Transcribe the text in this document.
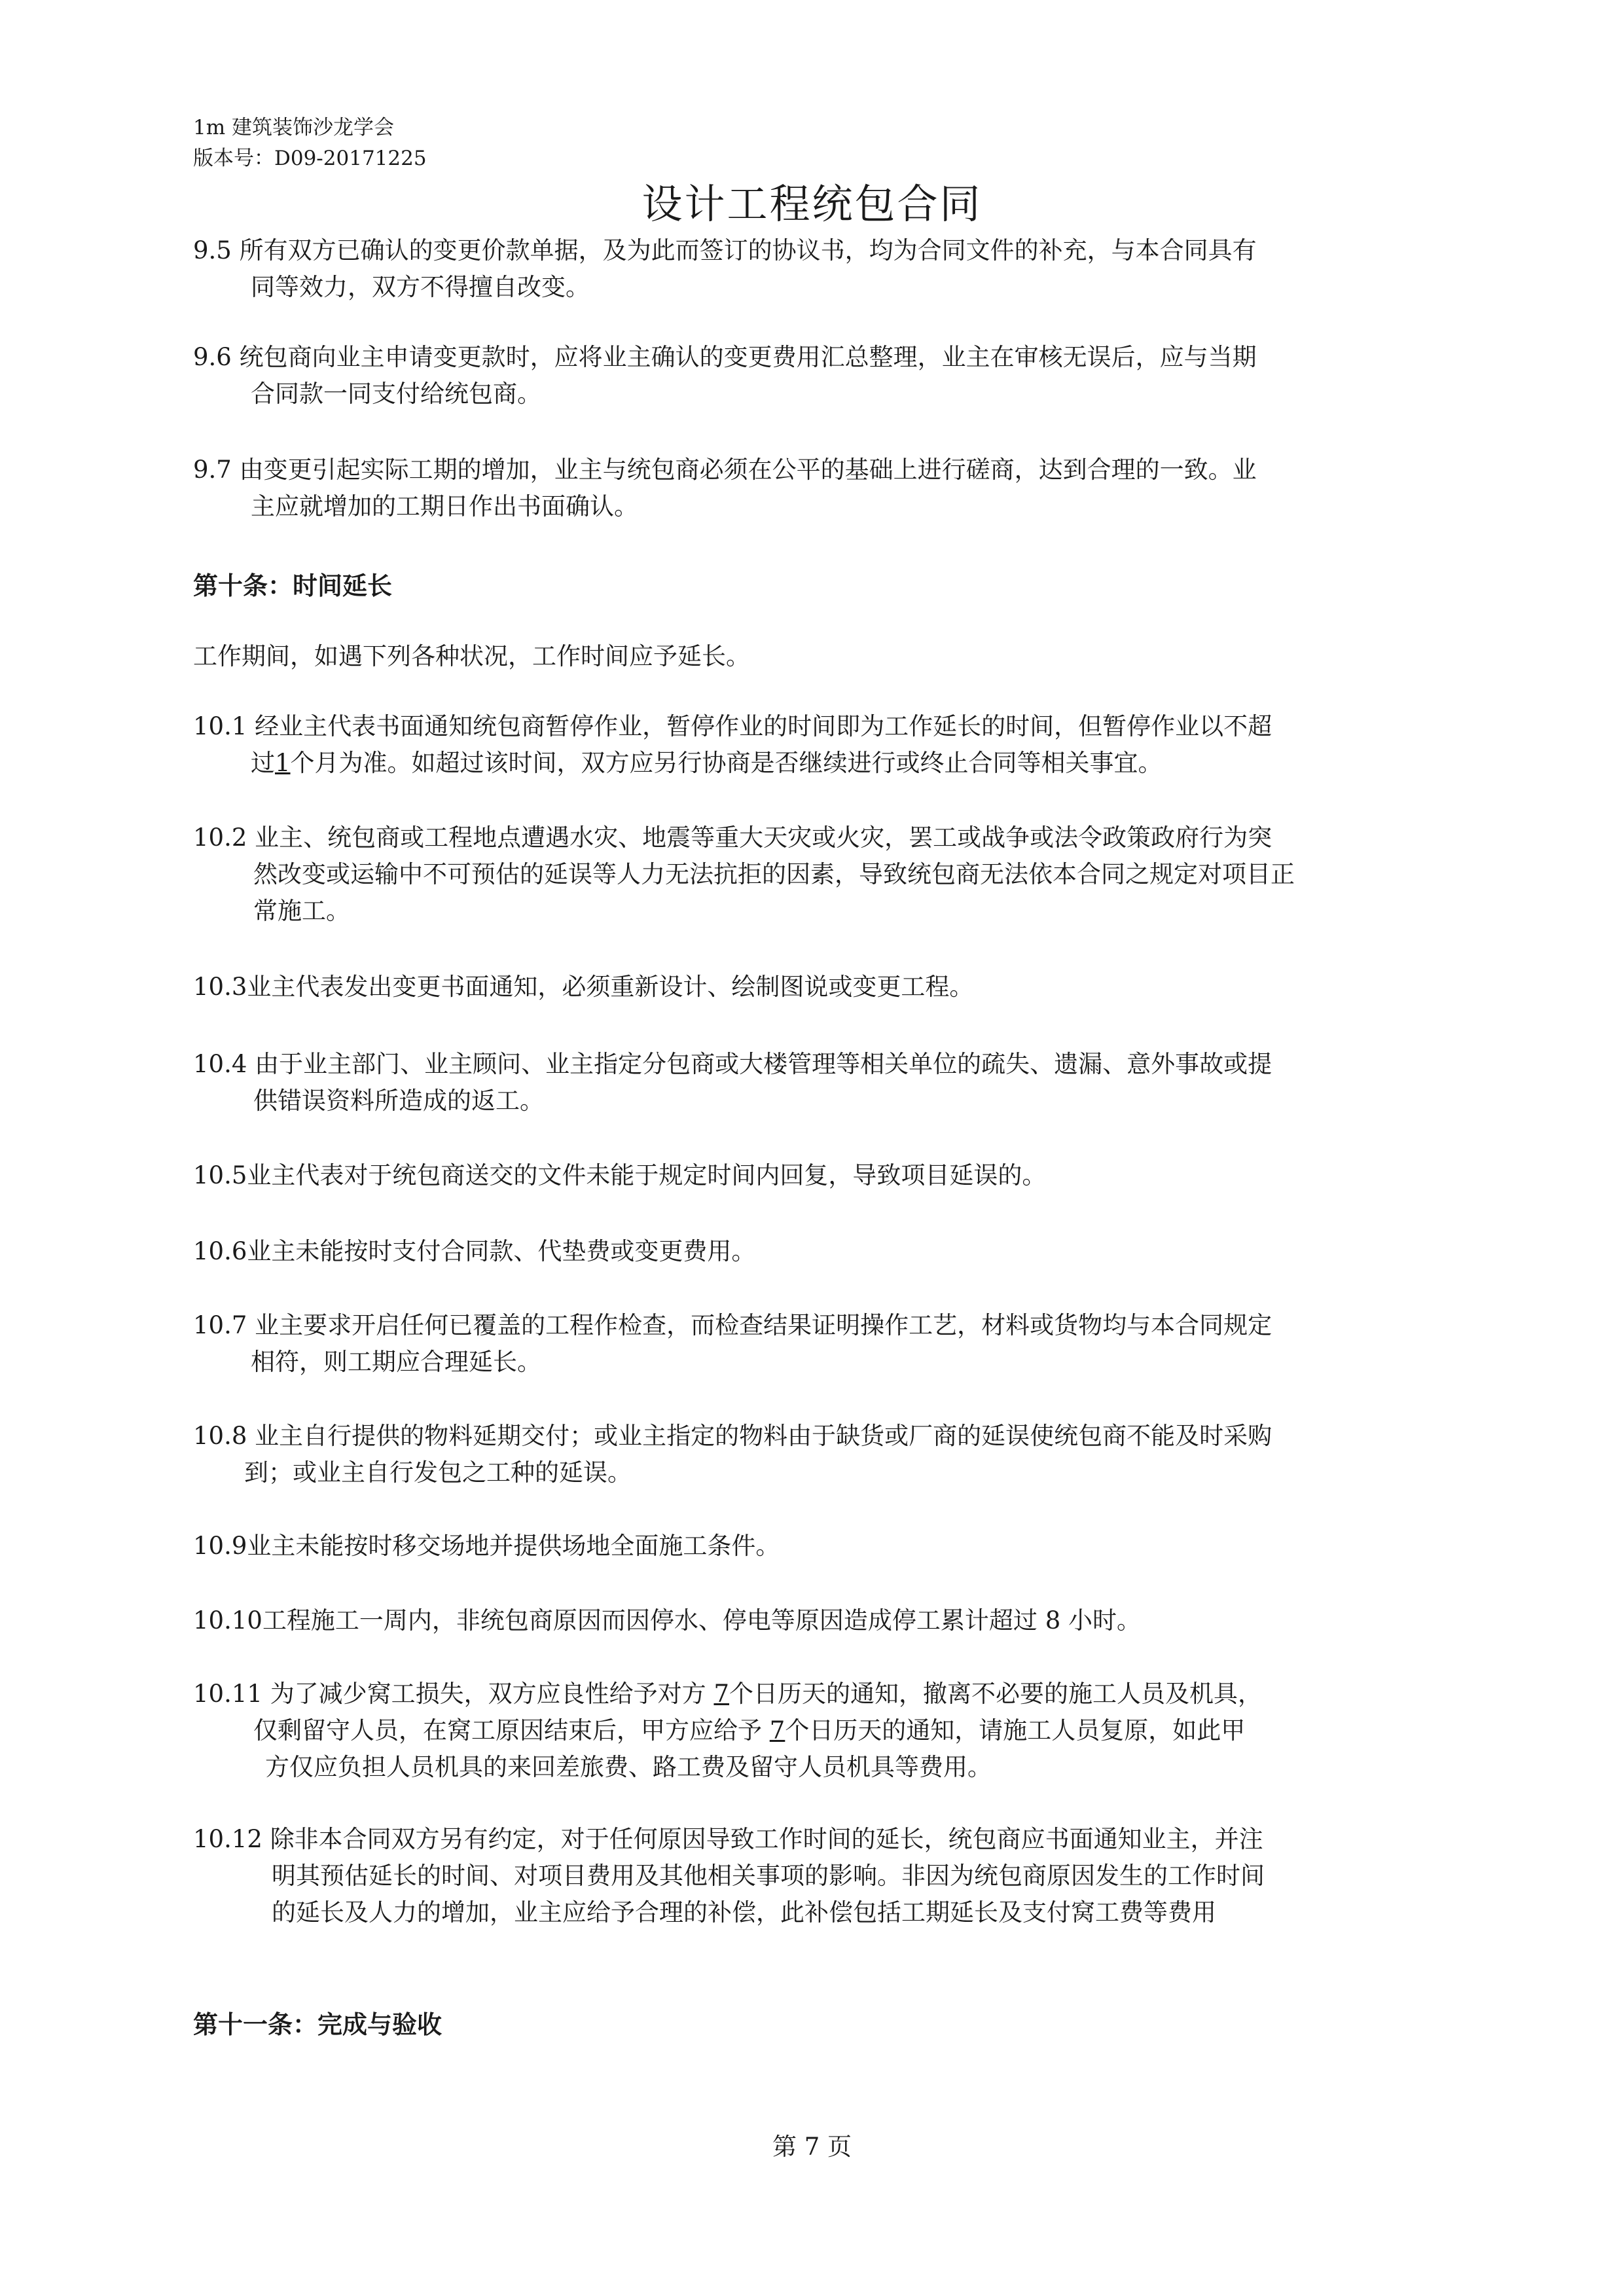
1m 建筑装饰沙龙学会
版本号：D09-20171225
设计工程统包合同
9.5 所有双方已确认的变更价款单据，及为此而签订的协议书，均为合同文件的补充，与本合同具有
同等效力，双方不得擅自改变。
9.6 统包商向业主申请变更款时，应将业主确认的变更费用汇总整理，业主在审核无误后，应与当期
合同款一同支付给统包商。
9.7 由变更引起实际工期的增加，业主与统包商必须在公平的基础上进行磋商，达到合理的一致。业
主应就增加的工期日作出书面确认。
第十条：时间延长
工作期间，如遇下列各种状况，工作时间应予延长。
10.1 经业主代表书面通知统包商暂停作业，暂停作业的时间即为工作延长的时间，但暂停作业以不超
过1个月为准。如超过该时间，双方应另行协商是否继续进行或终止合同等相关事宜。
10.2 业主、统包商或工程地点遭遇水灾、地震等重大天灾或火灾，罢工或战争或法令政策政府行为突
然改变或运输中不可预估的延误等人力无法抗拒的因素，导致统包商无法依本合同之规定对项目正
常施工。
10.3业主代表发出变更书面通知，必须重新设计、绘制图说或变更工程。
10.4 由于业主部门、业主顾问、业主指定分包商或大楼管理等相关单位的疏失、遗漏、意外事故或提
供错误资料所造成的返工。
10.5业主代表对于统包商送交的文件未能于规定时间内回复，导致项目延误的。
10.6业主未能按时支付合同款、代垫费或变更费用。
10.7 业主要求开启任何已覆盖的工程作检查，而检查结果证明操作工艺，材料或货物均与本合同规定
相符，则工期应合理延长。
10.8 业主自行提供的物料延期交付；或业主指定的物料由于缺货或厂商的延误使统包商不能及时采购
到；或业主自行发包之工种的延误。
10.9业主未能按时移交场地并提供场地全面施工条件。
10.10工程施工一周内，非统包商原因而因停水、停电等原因造成停工累计超过 8 小时。
10.11 为了减少窝工损失，双方应良性给予对方 7个日历天的通知，撤离不必要的施工人员及机具，
仅剩留守人员，在窝工原因结束后，甲方应给予 7个日历天的通知，请施工人员复原，如此甲
方仅应负担人员机具的来回差旅费、路工费及留守人员机具等费用。
10.12 除非本合同双方另有约定，对于任何原因导致工作时间的延长，统包商应书面通知业主，并注
明其预估延长的时间、对项目费用及其他相关事项的影响。非因为统包商原因发生的工作时间
的延长及人力的增加，业主应给予合理的补偿，此补偿包括工期延长及支付窝工费等费用
第十一条：完成与验收
第 7 页
